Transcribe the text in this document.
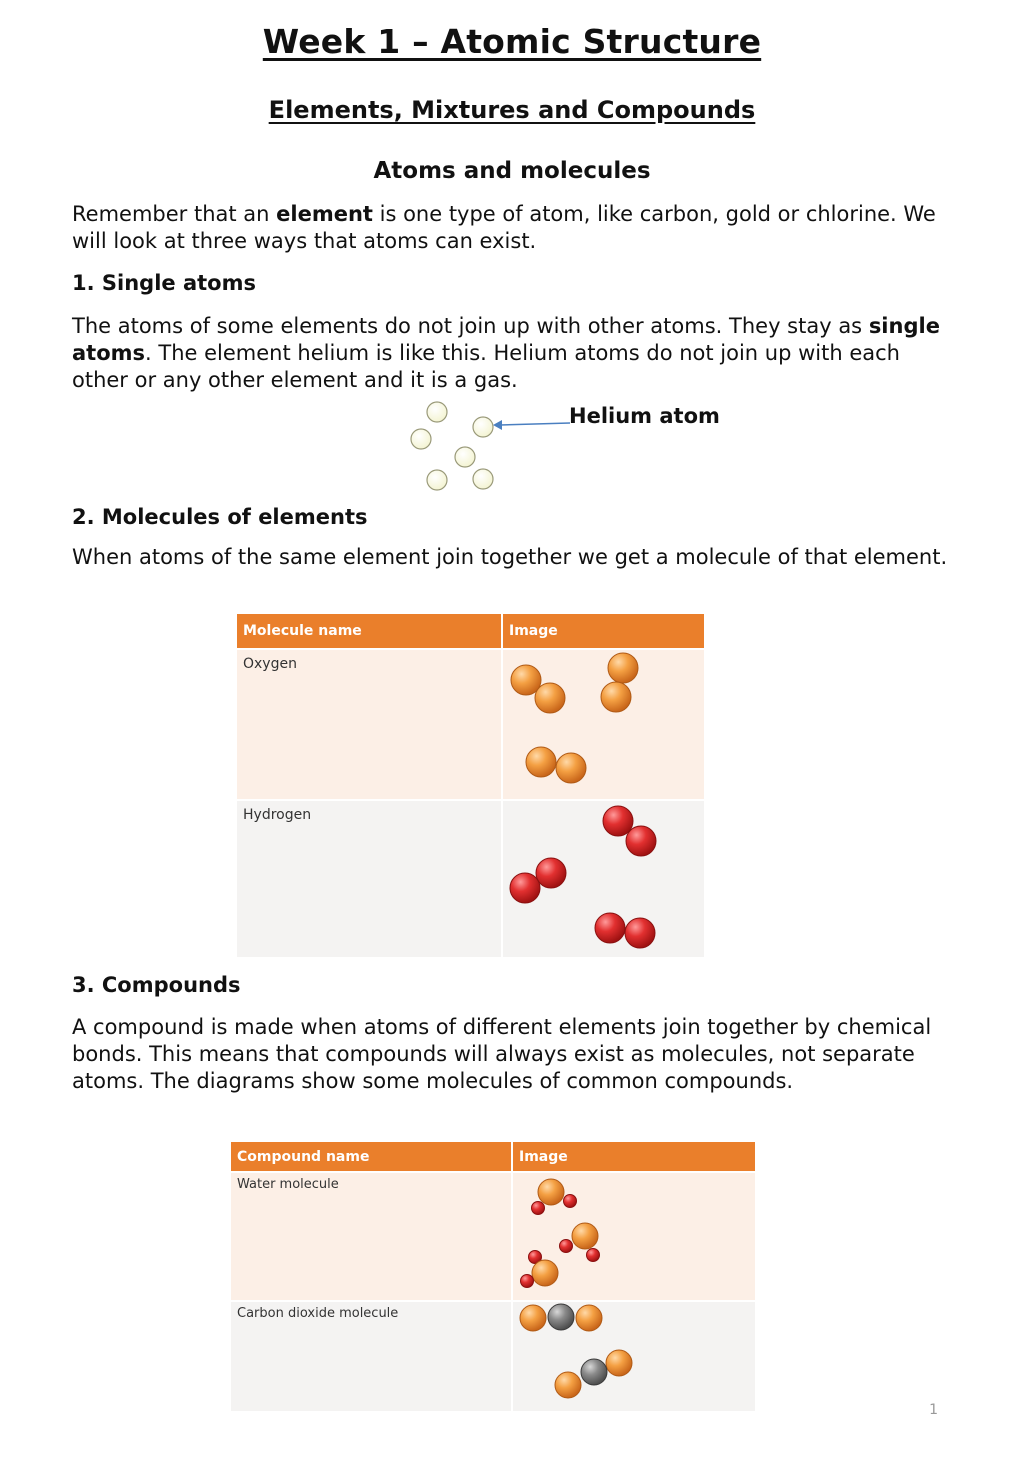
Week 1 – Atomic Structure
Elements, Mixtures and Compounds
Atoms and molecules

Remember that an element is one type of atom, like carbon, gold or chlorine. We will look at three ways that atoms can exist.

1. Single atoms

The atoms of some elements do not join up with other atoms. They stay as single atoms. The element helium is like this. Helium atoms do not join up with each other or any other element and it is a gas.

Helium atom
2. Molecules of elements

When atoms of the same element join together we get a molecule of that element.

Molecule name	Image
Oxygen	
Hydrogen	
3. Compounds

A compound is made when atoms of different elements join together by chemical bonds. This means that compounds will always exist as molecules, not separate atoms. The diagrams show some molecules of common compounds.

Compound name	Image
Water molecule	
Carbon dioxide molecule	
1
